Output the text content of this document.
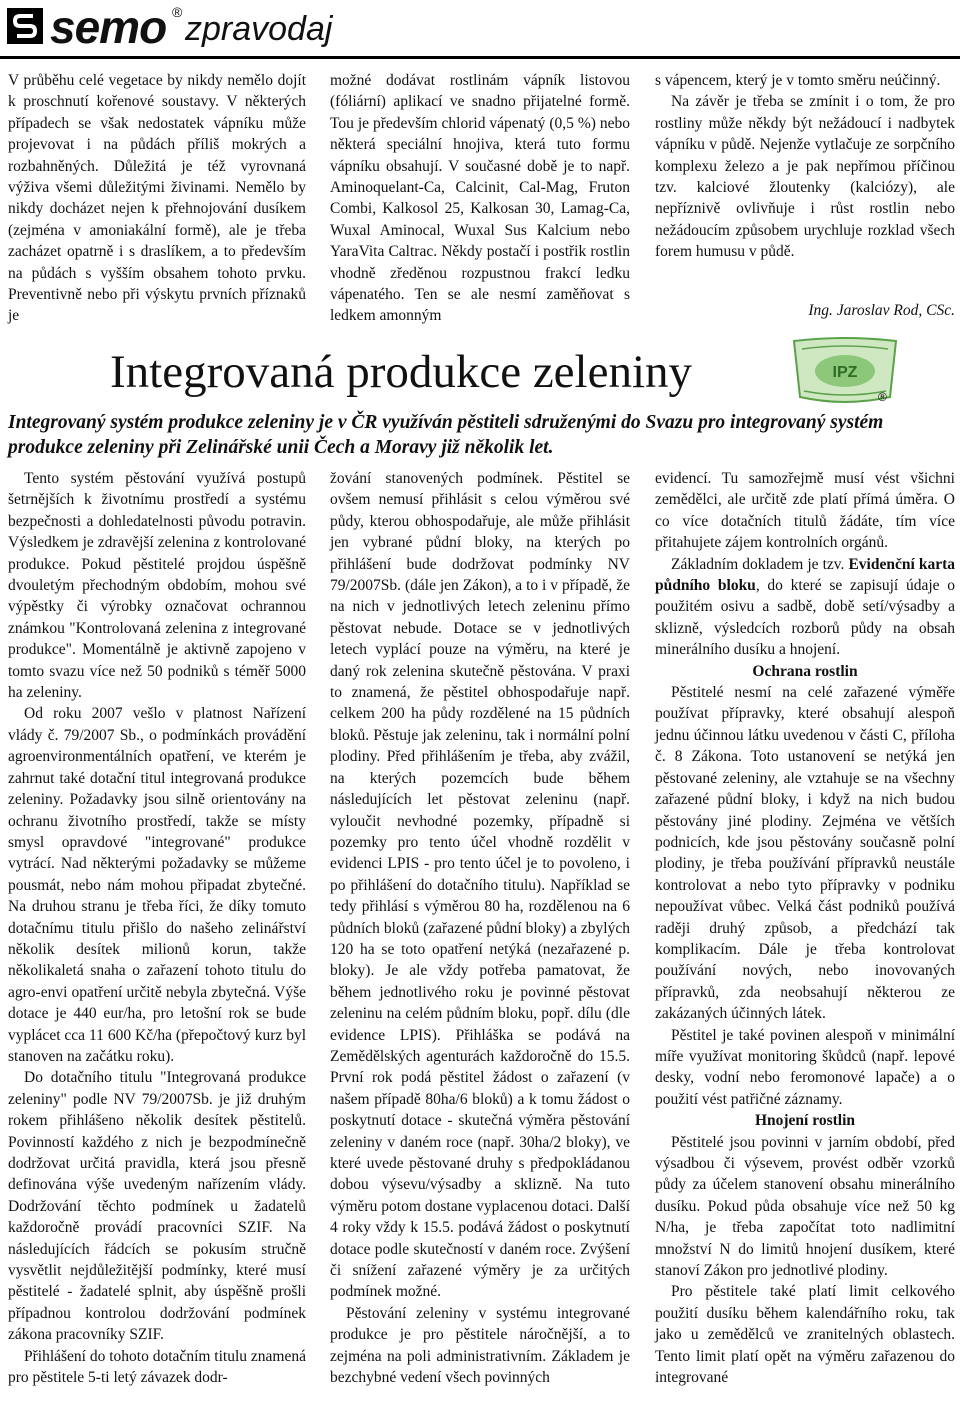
semo ® zpravodaj

V průběhu celé vegetace by nikdy nemělo dojít k proschnutí kořenové soustavy. V některých případech se však nedostatek vápníku může projevovat i na půdách příliš mokrých a rozbahněných. Důležitá je též vyrovnaná výživa všemi důležitými živinami. Nemělo by nikdy docházet nejen k přehnojování dusíkem (zejména v amoniakální formě), ale je třeba zacházet opatrně i s draslíkem, a to především na půdách s vyšším obsahem tohoto prvku. Preventivně nebo při výskytu prvních příznaků je

možné dodávat rostlinám vápník listovou (fóliární) aplikací ve snadno přijatelné formě. Tou je především chlorid vápenatý (0,5 %) nebo některá speciální hnojiva, která tuto formu vápníku obsahují. V současné době je to např. Aminoquelant-Ca, Calcinit, Cal-Mag, Fruton Combi, Kalkosol 25, Kalkosan 30, Lamag-Ca, Wuxal Aminocal, Wuxal Sus Kalcium nebo YaraVita Caltrac. Někdy postačí i postřik rostlin vhodně zředěnou rozpustnou frakcí ledku vápenatého. Ten se ale nesmí zaměňovat s ledkem amonným

s vápencem, který je v tomto směru neúčinný.

Na závěr je třeba se zmínit i o tom, že pro rostliny může někdy být nežádoucí i nadbytek vápníku v půdě. Nejenže vytlačuje ze sorpčního komplexu železo a je pak nepřímou příčinou tzv. kalciové žloutenky (kalciózy), ale nepříznivě ovlivňuje i růst rostlin nebo nežádoucím způsobem urychluje rozklad všech forem humusu v půdě.

Ing. Jaroslav Rod, CSc.

Integrovaná produkce zeleniny	IPZ
®
Integrovaný systém produkce zeleniny je v ČR využíván pěstiteli sdruženými do Svazu pro integrovaný systém produkce zeleniny při Zelinářské unii Čech a Moravy již několik let.

Tento systém pěstování využívá postupů šetrnějších k životnímu prostředí a systému bezpečnosti a dohledatelnosti původu potravin. Výsledkem je zdravější zelenina z kontrolované produkce. Pokud pěstitelé projdou úspěšně dvouletým přechodným obdobím, mohou své výpěstky či výrobky označovat ochrannou známkou "Kontrolovaná zelenina z integrované produkce". Momentálně je aktivně zapojeno v tomto svazu více než 50 podniků s téměř 5000 ha zeleniny.

Od roku 2007 vešlo v platnost Nařízení vlády č. 79/2007 Sb., o podmínkách provádění agroenvironmentálních opatření, ve kterém je zahrnut také dotační titul integrovaná produkce zeleniny. Požadavky jsou silně orientovány na ochranu životního prostředí, takže se místy smysl opravdové "integrované" produkce vytrácí. Nad některými požadavky se můžeme pousmát, nebo nám mohou připadat zbytečné. Na druhou stranu je třeba říci, že díky tomuto dotačnímu titulu přišlo do našeho zelinářství několik desítek milionů korun, takže několikaletá snaha o zařazení tohoto titulu do agro-envi opatření určitě nebyla zbytečná. Výše dotace je 440 eur/ha, pro letošní rok se bude vyplácet cca 11 600 Kč/ha (přepočtový kurz byl stanoven na začátku roku).

Do dotačního titulu "Integrovaná produkce zeleniny" podle NV 79/2007Sb. je již druhým rokem přihlášeno několik desítek pěstitelů. Povinností každého z nich je bezpodmínečně dodržovat určitá pravidla, která jsou přesně definována výše uvedeným nařízením vlády. Dodržování těchto podmínek u žadatelů každoročně provádí pracovníci SZIF. Na následujících řádcích se pokusím stručně vysvětlit nejdůležitější podmínky, které musí pěstitelé - žadatelé splnit, aby úspěšně prošli případnou kontrolou dodržování podmínek zákona pracovníky SZIF.

Přihlášení do tohoto dotačním titulu znamená pro pěstitele 5-ti letý závazek dodr-

žování stanovených podmínek. Pěstitel se ovšem nemusí přihlásit s celou výměrou své půdy, kterou obhospodařuje, ale může přihlásit jen vybrané půdní bloky, na kterých po přihlášení bude dodržovat podmínky NV 79/2007Sb. (dále jen Zákon), a to i v případě, že na nich v jednotlivých letech zeleninu přímo pěstovat nebude. Dotace se v jednotlivých letech vyplácí pouze na výměru, na které je daný rok zelenina skutečně pěstována. V praxi to znamená, že pěstitel obhospodařuje např. celkem 200 ha půdy rozdělené na 15 půdních bloků. Pěstuje jak zeleninu, tak i normální polní plodiny. Před přihlášením je třeba, aby zvážil, na kterých pozemcích bude během následujících let pěstovat zeleninu (např. vyloučit nevhodné pozemky, případně si pozemky pro tento účel vhodně rozdělit v evidenci LPIS - pro tento účel je to povoleno, i po přihlášení do dotačního titulu). Například se tedy přihlásí s výměrou 80 ha, rozdělenou na 6 půdních bloků (zařazené půdní bloky) a zbylých 120 ha se toto opatření netýká (nezařazené p. bloky). Je ale vždy potřeba pamatovat, že během jednotlivého roku je povinné pěstovat zeleninu na celém půdním bloku, popř. dílu (dle evidence LPIS). Přihláška se podává na Zemědělských agenturách každoročně do 15.5. První rok podá pěstitel žádost o zařazení (v našem případě 80ha/6 bloků) a k tomu žádost o poskytnutí dotace - skutečná výměra pěstování zeleniny v daném roce (např. 30ha/2 bloky), ve které uvede pěstované druhy s předpokládanou dobou výsevu/výsadby a sklizně. Na tuto výměru potom dostane vyplacenou dotaci. Další 4 roky vždy k 15.5. podává žádost o poskytnutí dotace podle skutečností v daném roce. Zvýšení či snížení zařazené výměry je za určitých podmínek možné.

Pěstování zeleniny v systému integrované produkce je pro pěstitele náročnější, a to zejména na poli administrativním. Základem je bezchybné vedení všech povinných

evidencí. Tu samozřejmě musí vést všichni zemědělci, ale určitě zde platí přímá úměra. O co více dotačních titulů žádáte, tím více přitahujete zájem kontrolních orgánů.

Základním dokladem je tzv. Evidenční karta půdního bloku, do které se zapisují údaje o použitém osivu a sadbě, době setí/výsadby a sklizně, výsledcích rozborů půdy na obsah minerálního dusíku a hnojení.

Ochrana rostlin

Pěstitelé nesmí na celé zařazené výměře používat přípravky, které obsahují alespoň jednu účinnou látku uvedenou v části C, příloha č. 8 Zákona. Toto ustanovení se netýká jen pěstované zeleniny, ale vztahuje se na všechny zařazené půdní bloky, i když na nich budou pěstovány jiné plodiny. Zejména ve větších podnicích, kde jsou pěstovány současně polní plodiny, je třeba používání přípravků neustále kontrolovat a nebo tyto přípravky v podniku nepoužívat vůbec. Velká část podniků používá raději druhý způsob, a předchází tak komplikacím. Dále je třeba kontrolovat používání nových, nebo inovovaných přípravků, zda neobsahují některou ze zakázaných účinných látek.

Pěstitel je také povinen alespoň v minimální míře využívat monitoring škůdců (např. lepové desky, vodní nebo feromonové lapače) a o použití vést patřičné záznamy.

Hnojení rostlin

Pěstitelé jsou povinni v jarním období, před výsadbou či výsevem, provést odběr vzorků půdy za účelem stanovení obsahu minerálního dusíku. Pokud půda obsahuje více než 50 kg N/ha, je třeba započítat toto nadlimitní množství N do limitů hnojení dusíkem, které stanoví Zákon pro jednotlivé plodiny.

Pro pěstitele také platí limit celkového použití dusíku během kalendářního roku, tak jako u zemědělců ve zranitelných oblastech. Tento limit platí opět na výměru zařazenou do integrované
